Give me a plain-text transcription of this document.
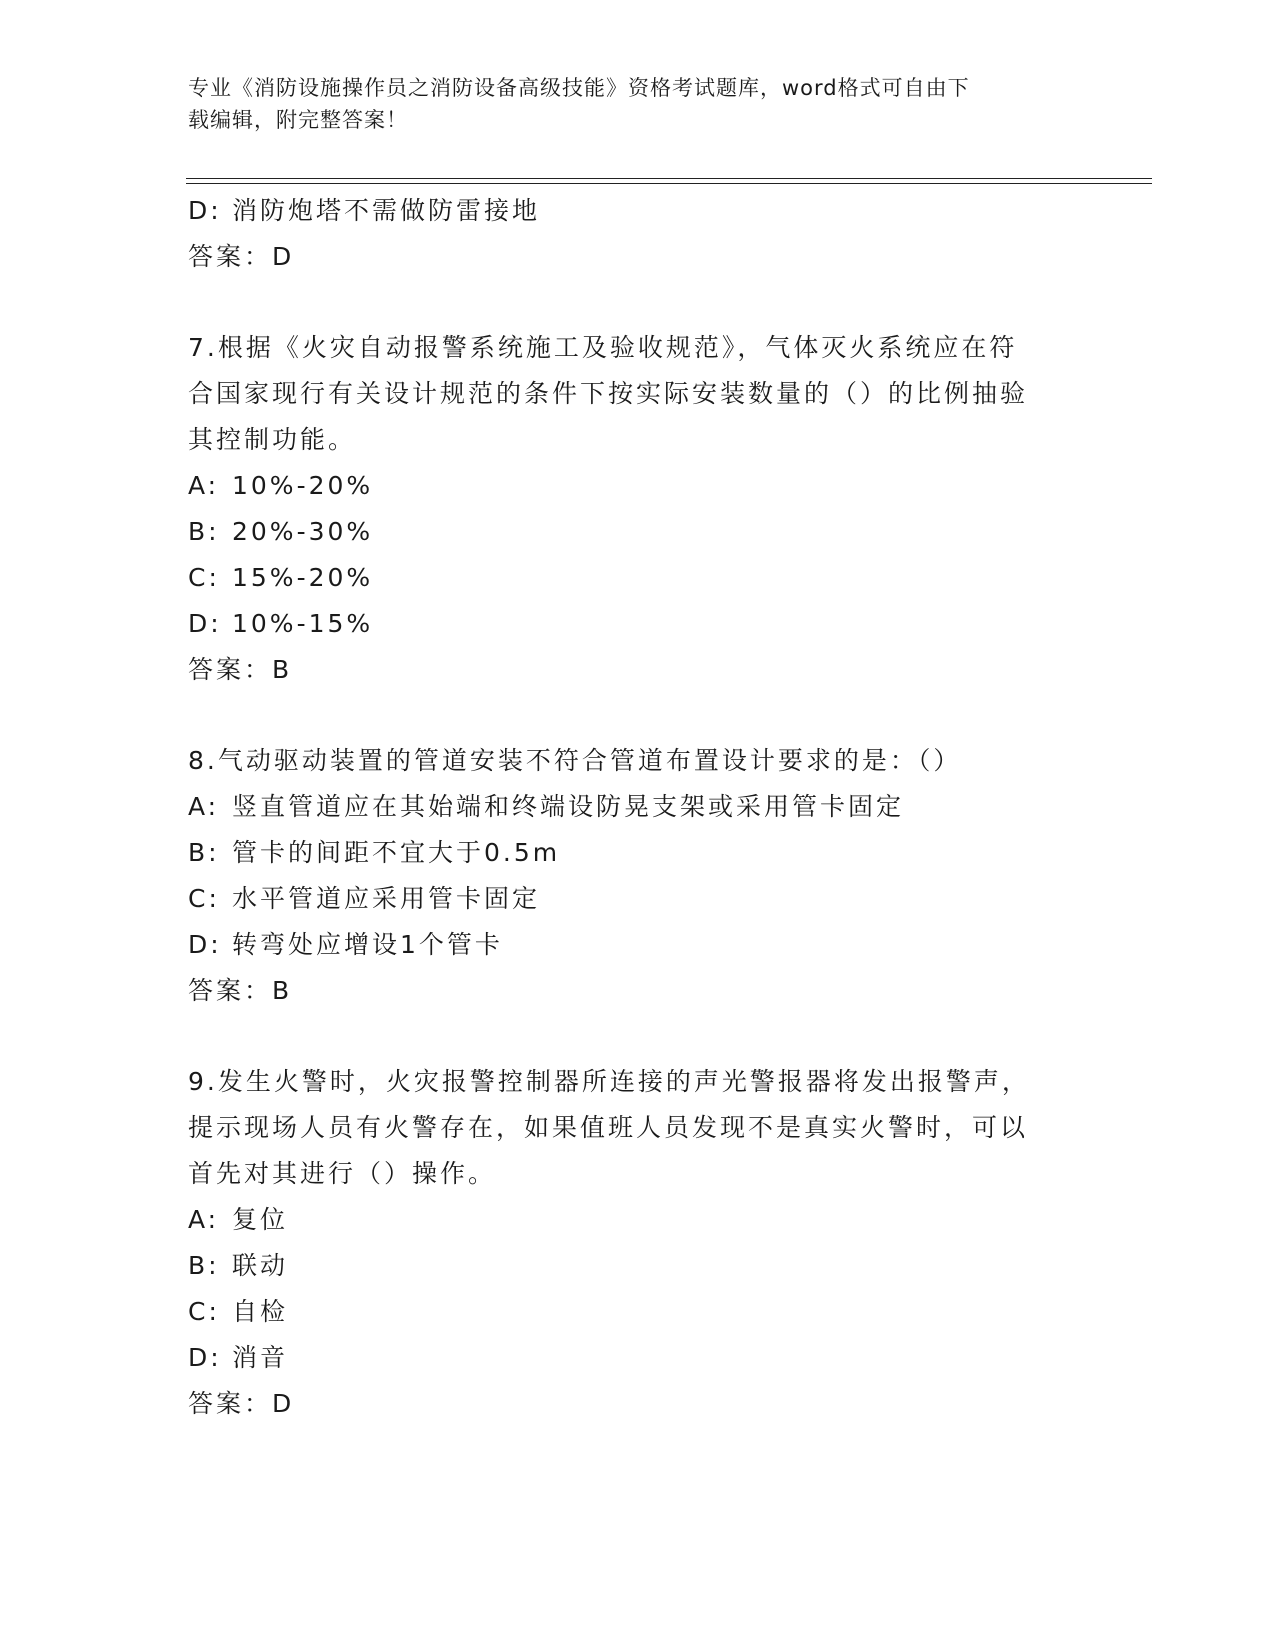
专业《消防设施操作员之消防设备高级技能》资格考试题库，word格式可自由下
载编辑，附完整答案！
D: 消防炮塔不需做防雷接地
答案：D
7.根据《火灾自动报警系统施工及验收规范》，气体灭火系统应在符
合国家现行有关设计规范的条件下按实际安装数量的（）的比例抽验
其控制功能。
A: 10%-20%
B: 20%-30%
C: 15%-20%
D: 10%-15%
答案：B
8.气动驱动装置的管道安装不符合管道布置设计要求的是：（）
A: 竖直管道应在其始端和终端设防晃支架或采用管卡固定
B: 管卡的间距不宜大于0.5m
C: 水平管道应采用管卡固定
D: 转弯处应增设1个管卡
答案：B
9.发生火警时，火灾报警控制器所连接的声光警报器将发出报警声，
提示现场人员有火警存在，如果值班人员发现不是真实火警时，可以
首先对其进行（）操作。
A: 复位
B: 联动
C: 自检
D: 消音
答案：D
